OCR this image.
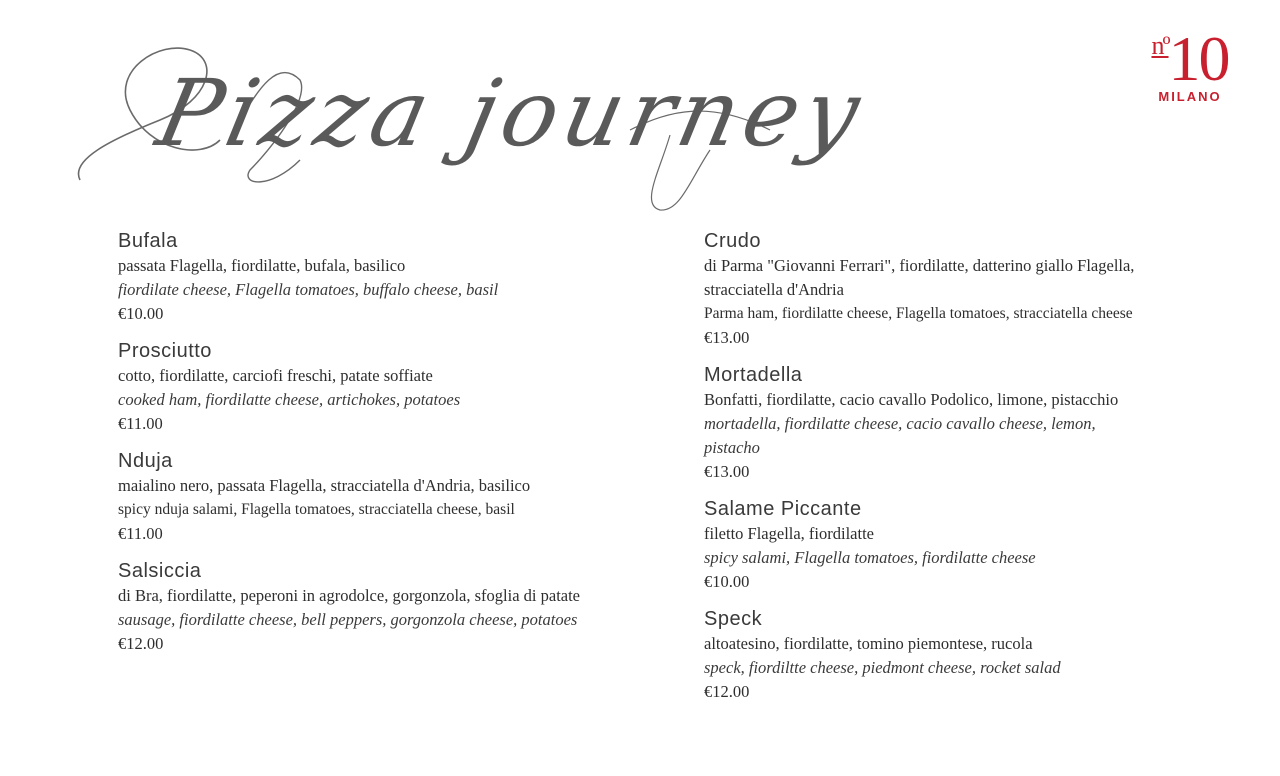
Pizza journey
$^{nº}$10
MILANO

Bufala

passata Flagella, fiordilatte, bufala, basilico

fiordilate cheese, Flagella tomatoes, buffalo cheese, basil

€10.00

Prosciutto

cotto, fiordilatte, carciofi freschi, patate soffiate

cooked ham, fiordilatte cheese, artichokes, potatoes

€11.00

Nduja

maialino nero, passata Flagella, stracciatella d'Andria, basilico

spicy nduja salami, Flagella tomatoes, stracciatella cheese, basil

€11.00

Salsiccia

di Bra, fiordilatte, peperoni in agrodolce, gorgonzola, sfoglia di patate

sausage, fiordilatte cheese, bell peppers, gorgonzola cheese, potatoes

€12.00

Crudo

di Parma "Giovanni Ferrari", fiordilatte, datterino giallo Flagella, stracciatella d'Andria

Parma ham, fiordilatte cheese, Flagella tomatoes, stracciatella cheese

€13.00

Mortadella

Bonfatti, fiordilatte, cacio cavallo Podolico, limone, pistacchio

mortadella, fiordilatte cheese, cacio cavallo cheese, lemon, pistacho

€13.00

Salame Piccante

filetto Flagella, fiordilatte

spicy salami, Flagella tomatoes, fiordilatte cheese

€10.00

Speck

altoatesino, fiordilatte, tomino piemontese, rucola

speck, fiordiltte cheese, piedmont cheese, rocket salad

€12.00
